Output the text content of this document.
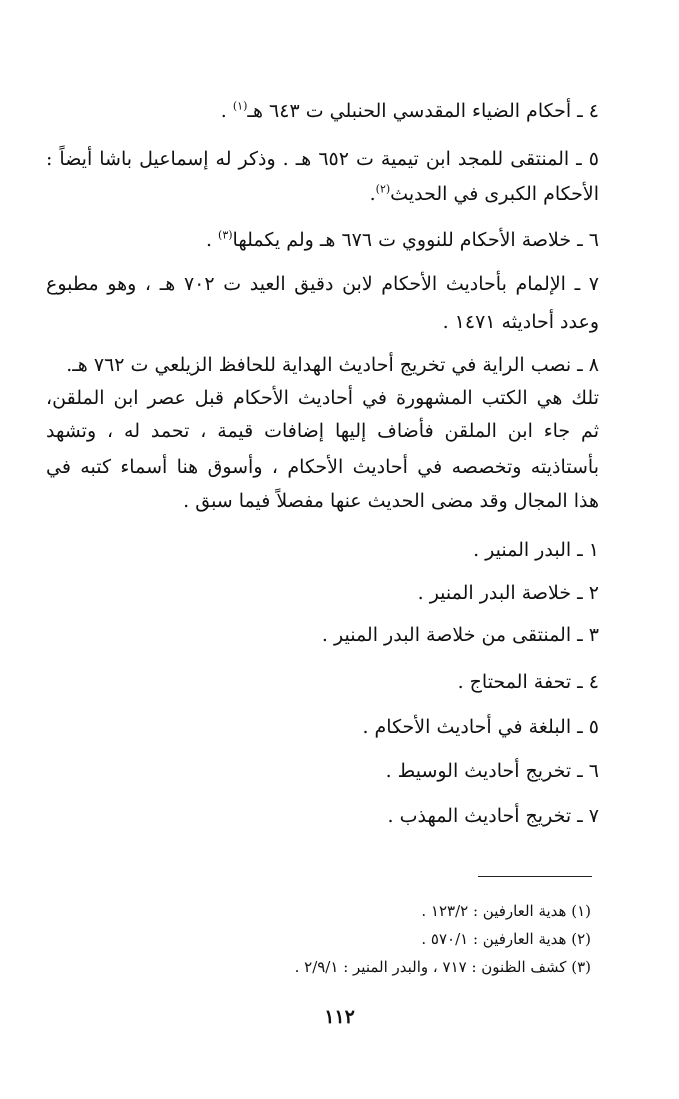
٤ ـ أحكام الضياء المقدسي الحنبلي ت ٦٤٣ هـ$^{(١)}$ .
٥ ـ المنتقى للمجد ابن تيمية ت ٦٥٢ هـ . وذكر له إسماعيل باشا أيضاً :
الأحكام الكبرى في الحديث$^{(٢)}$.
٦ ـ خلاصة الأحكام للنووي ت ٦٧٦ هـ ولم يكملها$^{(٣)}$ .
٧ ـ الإلمام بأحاديث الأحكام لابن دقيق العيد ت ٧٠٢ هـ ، وهو مطبوع
وعدد أحاديثه ١٤٧١ .
٨ ـ نصب الراية في تخريج أحاديث الهداية للحافظ الزيلعي ت ٧٦٢ هـ.
تلك هي الكتب المشهورة في أحاديث الأحكام قبل عصر ابن الملقن،
ثم جاء ابن الملقن فأضاف إليها إضافات قيمة ، تحمد له ، وتشهد
بأستاذيته وتخصصه في أحاديث الأحكام ، وأسوق هنا أسماء كتبه في
هذا المجال وقد مضى الحديث عنها مفصلاً فيما سبق .
١ ـ البدر المنير .
٢ ـ خلاصة البدر المنير .
٣ ـ المنتقى من خلاصة البدر المنير .
٤ ـ تحفة المحتاج .
٥ ـ البلغة في أحاديث الأحكام .
٦ ـ تخريج أحاديث الوسيط .
٧ ـ تخريج أحاديث المهذب .
(١) هدية العارفين : ١٢٣/٢ .
(٢) هدية العارفين : ٥٧٠/١ .
(٣) كشف الظنون : ٧١٧ ، والبدر المنير : ٢/٩/١ .
١١٢
